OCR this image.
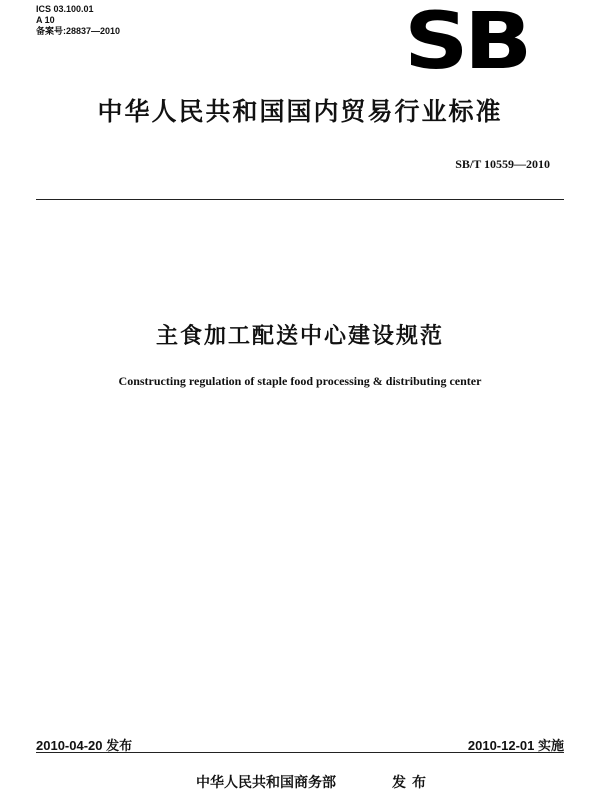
ICS 03.100.01
A 10
备案号:28837—2010	SB
中华人民共和国国内贸易行业标准
SB/T 10559—2010
主食加工配送中心建设规范
Constructing regulation of staple food processing & distributing center
2010-04-20 发布	2010-12-01 实施
中华人民共和国商务部	发布
